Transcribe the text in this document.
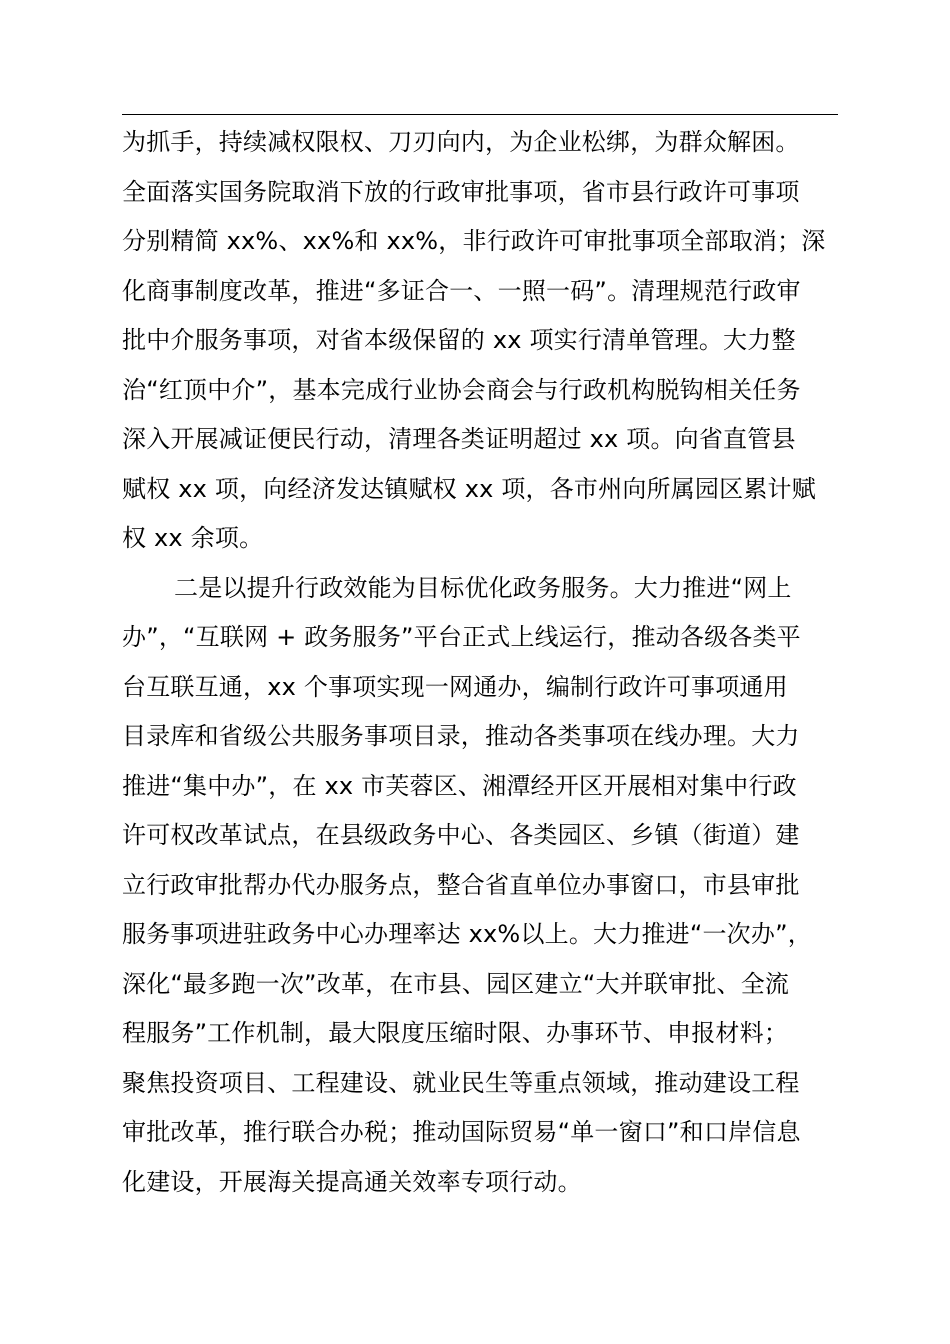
为抓手，持续减权限权、刀刃向内，为企业松绑，为群众解困。
全面落实国务院取消下放的行政审批事项，省市县行政许可事项
分别精简 xx%、xx%和 xx%，非行政许可审批事项全部取消；深
化商事制度改革，推进“多证合一、一照一码”。清理规范行政审
批中介服务事项，对省本级保留的 xx 项实行清单管理。大力整
治“红顶中介”，基本完成行业协会商会与行政机构脱钩相关任务
深入开展减证便民行动，清理各类证明超过 xx 项。向省直管县
赋权 xx 项，向经济发达镇赋权 xx 项，各市州向所属园区累计赋
权 xx 余项。
二是以提升行政效能为目标优化政务服务。大力推进“网上
办”，“互联网 + 政务服务”平台正式上线运行，推动各级各类平
台互联互通，xx 个事项实现一网通办，编制行政许可事项通用
目录库和省级公共服务事项目录，推动各类事项在线办理。大力
推进“集中办”，在 xx 市芙蓉区、湘潭经开区开展相对集中行政
许可权改革试点，在县级政务中心、各类园区、乡镇（街道）建
立行政审批帮办代办服务点，整合省直单位办事窗口，市县审批
服务事项进驻政务中心办理率达 xx%以上。大力推进“一次办”，
深化“最多跑一次”改革，在市县、园区建立“大并联审批、全流
程服务”工作机制，最大限度压缩时限、办事环节、申报材料；
聚焦投资项目、工程建设、就业民生等重点领域，推动建设工程
审批改革，推行联合办税；推动国际贸易“单一窗口”和口岸信息
化建设，开展海关提高通关效率专项行动。
